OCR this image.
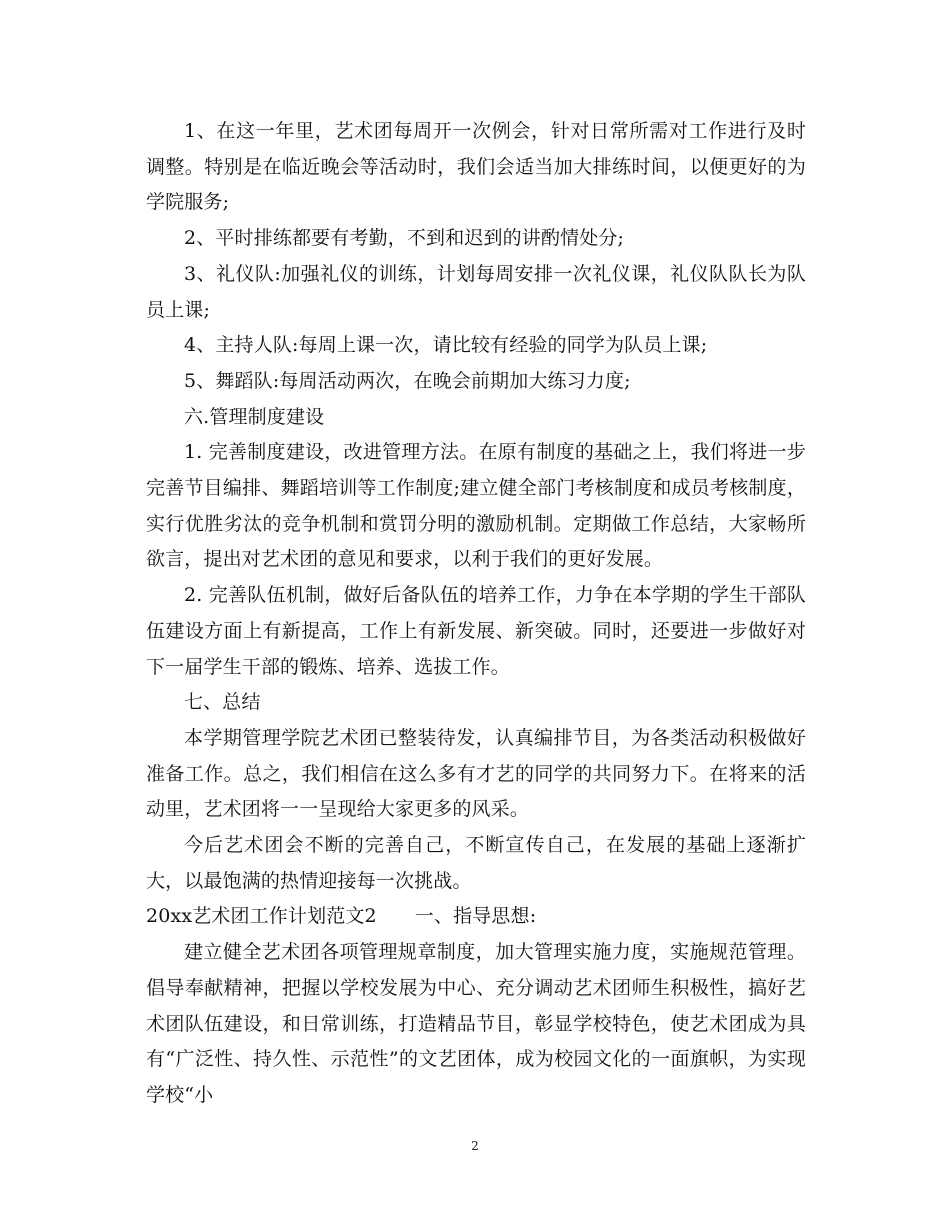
1、在这一年里，艺术团每周开一次例会，针对日常所需对工作进行及时调整。特别是在临近晚会等活动时，我们会适当加大排练时间，以便更好的为学院服务;

2、平时排练都要有考勤，不到和迟到的讲酌情处分;

3、礼仪队:加强礼仪的训练，计划每周安排一次礼仪课，礼仪队队长为队员上课;

4、主持人队:每周上课一次，请比较有经验的同学为队员上课;

5、舞蹈队:每周活动两次，在晚会前期加大练习力度;

六.管理制度建设

1. 完善制度建设，改进管理方法。在原有制度的基础之上，我们将进一步完善节目编排、舞蹈培训等工作制度;建立健全部门考核制度和成员考核制度，实行优胜劣汰的竞争机制和赏罚分明的激励机制。定期做工作总结，大家畅所欲言，提出对艺术团的意见和要求，以利于我们的更好发展。

2. 完善队伍机制，做好后备队伍的培养工作，力争在本学期的学生干部队伍建设方面上有新提高，工作上有新发展、新突破。同时，还要进一步做好对下一届学生干部的锻炼、培养、选拔工作。

七、总结

本学期管理学院艺术团已整装待发，认真编排节目，为各类活动积极做好准备工作。总之，我们相信在这么多有才艺的同学的共同努力下。在将来的活动里，艺术团将一一呈现给大家更多的风采。

今后艺术团会不断的完善自己，不断宣传自己，在发展的基础上逐渐扩大，以最饱满的热情迎接每一次挑战。

20xx艺术团工作计划范文2 一、指导思想:

建立健全艺术团各项管理规章制度，加大管理实施力度，实施规范管理。倡导奉献精神，把握以学校发展为中心、充分调动艺术团师生积极性，搞好艺术团队伍建设，和日常训练，打造精品节目，彰显学校特色，使艺术团成为具有“广泛性、持久性、示范性”的文艺团体，成为校园文化的一面旗帜，为实现学校“小

2
